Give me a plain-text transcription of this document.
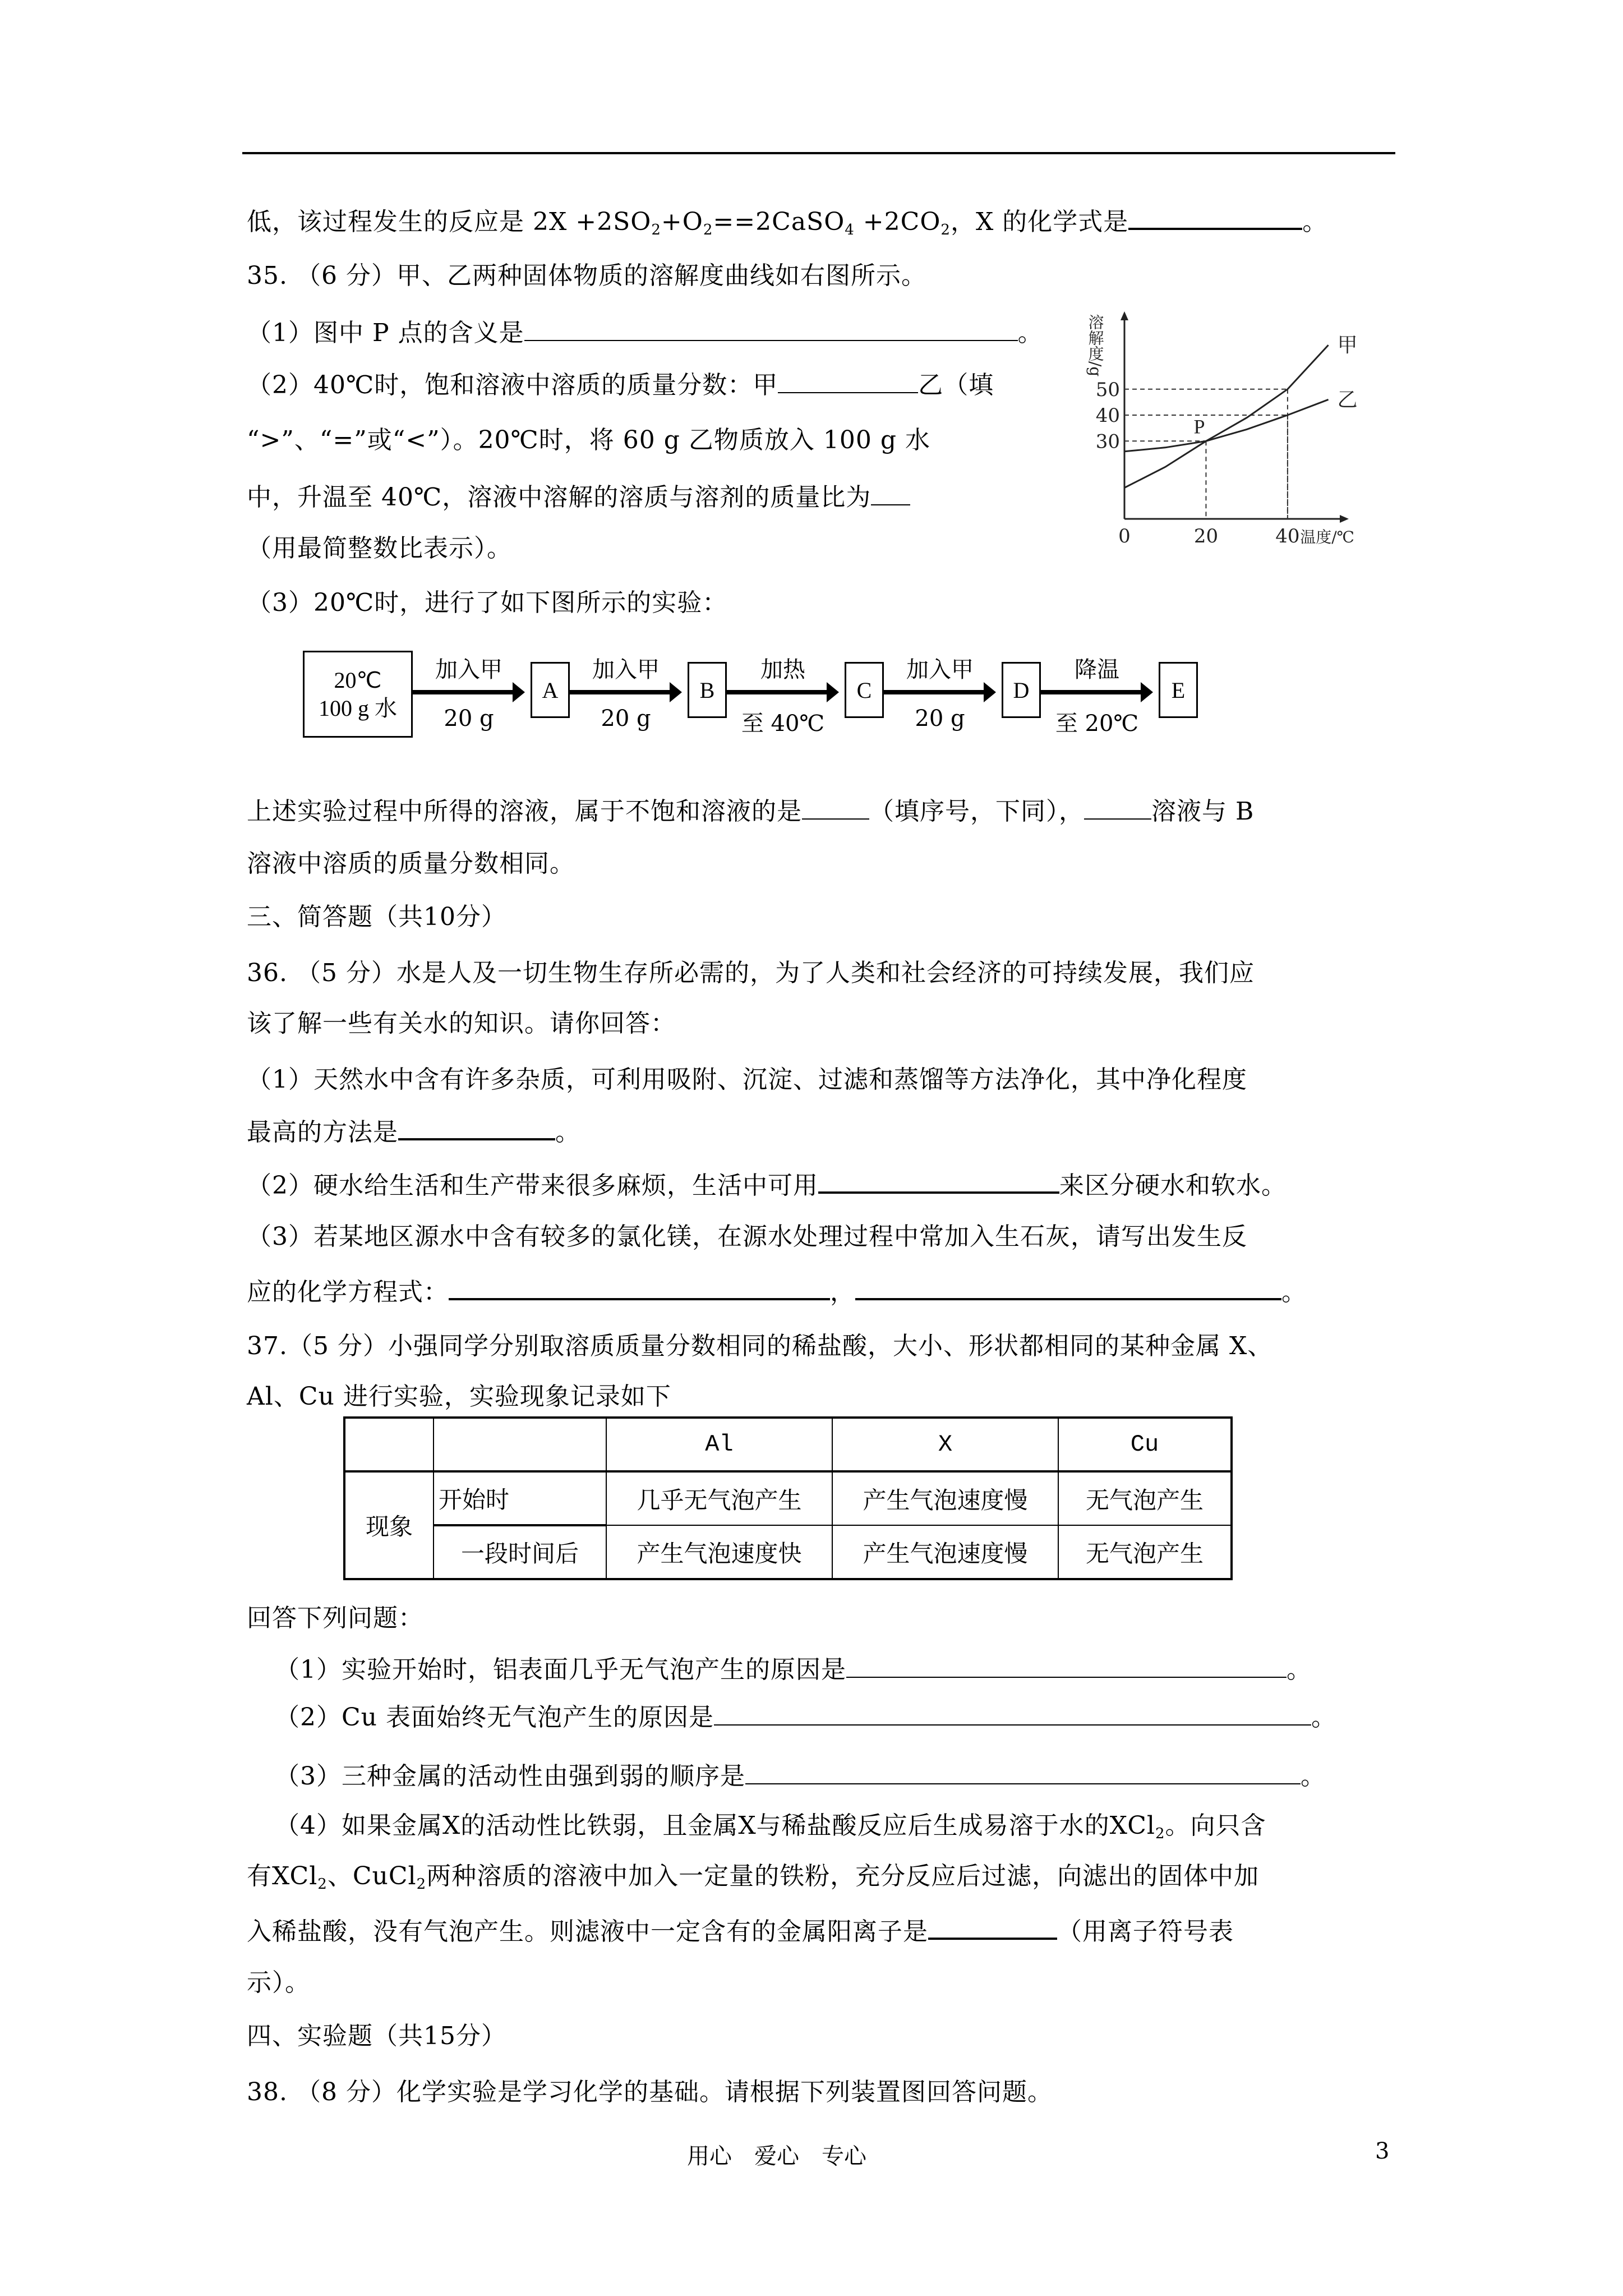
低，该过程发生的反应是 $2X +2SO_2+O_2==2CaSO_4 +2CO_2$，X 的化学式是	。
35. （6 分）甲、乙两种固体物质的溶解度曲线如右图所示。
（1）图中 P 点的含义是	。
（2）40℃时，饱和溶液中溶质的质量分数：甲	乙（填
“>”、“=”或“<”）。20℃时，将 60 g 乙物质放入 100 g 水
中，升温至 40℃，溶液中溶解的溶质与溶剂的质量比为
（用最简整数比表示）。
甲
乙
0	20	40
30
40
50
温度/℃
溶解度/g
P
（3）20℃时，进行了如下图所示的实验：
20℃
100 g 水
加入甲
20 g
A
加入甲
20 g
B
加热
至 40℃
C
加入甲
20 g
D
降温
至 20℃
E
上述实验过程中所得的溶液，属于不饱和溶液的是	（填序号，下同），	溶液与 B
溶液中溶质的质量分数相同。
三、简答题（共10分）
36. （5 分）水是人及一切生物生存所必需的，为了人类和社会经济的可持续发展，我们应
该了解一些有关水的知识。请你回答：
（1）天然水中含有许多杂质，可利用吸附、沉淀、过滤和蒸馏等方法净化，其中净化程度
最高的方法是	。
（2）硬水给生活和生产带来很多麻烦，生活中可用	来区分硬水和软水。
（3）若某地区源水中含有较多的氯化镁，在源水处理过程中常加入生石灰，请写出发生反
应的化学方程式：	，	。
37.（5 分）小强同学分别取溶质质量分数相同的稀盐酸，大小、形状都相同的某种金属 X、
Al、Cu 进行实验，实验现象记录如下
		Al	X	Cu
现象	开始时	几乎无气泡产生	产生气泡速度慢	无气泡产生
	一段时间后	产生气泡速度快	产生气泡速度慢	无气泡产生
回答下列问题：
（1）实验开始时，铝表面几乎无气泡产生的原因是	。
（2）Cu 表面始终无气泡产生的原因是	。
（3）三种金属的活动性由强到弱的顺序是	。
（4）如果金属X的活动性比铁弱，且金属X与稀盐酸反应后生成易溶于水的XCl$_2$。向只含
有XCl$_2$、CuCl$_2$两种溶质的溶液中加入一定量的铁粉，充分反应后过滤，向滤出的固体中加
入稀盐酸，没有气泡产生。则滤液中一定含有的金属阳离子是	（用离子符号表
示）。
四、实验题（共15分）
38. （8 分）化学实验是学习化学的基础。请根据下列装置图回答问题。
用心　爱心　专心	3
